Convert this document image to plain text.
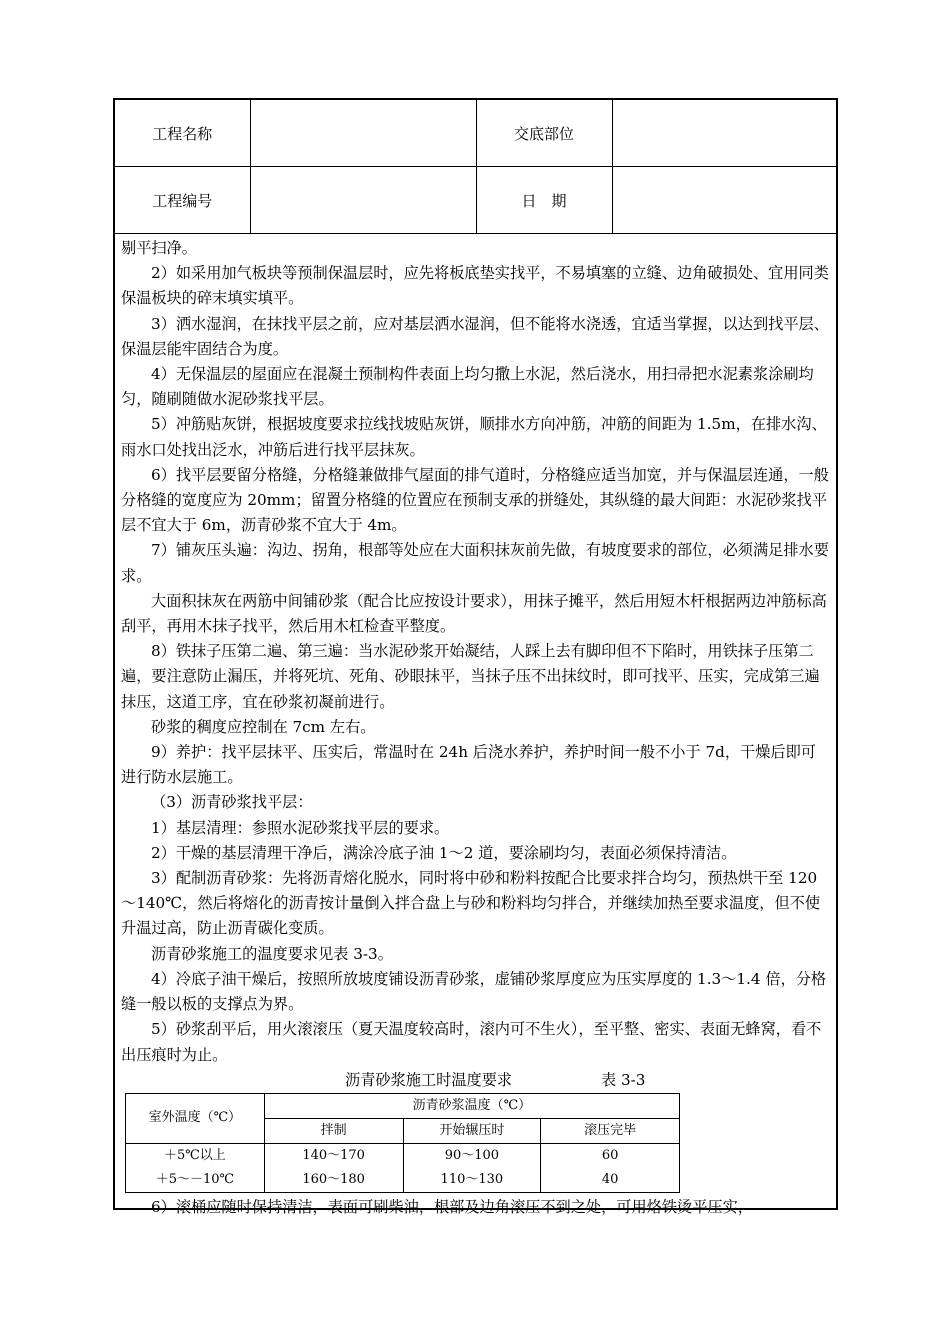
工程名称		交底部位	
工程编号		日　期	

剔平扫净。

2）如采用加气板块等预制保温层时，应先将板底垫实找平，不易填塞的立缝、边角破损处、宜用同类保温板块的碎末填实填平。

3）洒水湿润，在抹找平层之前，应对基层洒水湿润，但不能将水浇透，宜适当掌握，以达到找平层、保温层能牢固结合为度。

4）无保温层的屋面应在混凝土预制构件表面上均匀撒上水泥，然后浇水，用扫帚把水泥素浆涂刷均匀，随刷随做水泥砂浆找平层。

5）冲筋贴灰饼，根据坡度要求拉线找坡贴灰饼，顺排水方向冲筋，冲筋的间距为 1.5m，在排水沟、雨水口处找出泛水，冲筋后进行找平层抹灰。

6）找平层要留分格缝，分格缝兼做排气屋面的排气道时，分格缝应适当加宽，并与保温层连通，一般分格缝的宽度应为 20mm；留置分格缝的位置应在预制支承的拼缝处，其纵缝的最大间距：水泥砂浆找平层不宜大于 6m，沥青砂浆不宜大于 4m。

7）铺灰压头遍：沟边、拐角，根部等处应在大面积抹灰前先做，有坡度要求的部位，必须满足排水要求。

大面积抹灰在两筋中间铺砂浆（配合比应按设计要求），用抹子摊平，然后用短木杆根据两边冲筋标高刮平，再用木抹子找平，然后用木杠检查平整度。

8）铁抹子压第二遍、第三遍：当水泥砂浆开始凝结，人踩上去有脚印但不下陷时，用铁抹子压第二遍，要注意防止漏压，并将死坑、死角、砂眼抹平，当抹子压不出抹纹时，即可找平、压实，完成第三遍抹压，这道工序，宜在砂浆初凝前进行。

砂浆的稠度应控制在 7cm 左右。

9）养护：找平层抹平、压实后，常温时在 24h 后浇水养护，养护时间一般不小于 7d，干燥后即可进行防水层施工。

（3）沥青砂浆找平层：

1）基层清理：参照水泥砂浆找平层的要求。

2）干燥的基层清理干净后，满涂冷底子油 1～2 道，要涂刷均匀，表面必须保持清洁。

3）配制沥青砂浆：先将沥青熔化脱水，同时将中砂和粉料按配合比要求拌合均匀，预热烘干至 120～140℃，然后将熔化的沥青按计量倒入拌合盘上与砂和粉料均匀拌合，并继续加热至要求温度，但不使升温过高，防止沥青碳化变质。

沥青砂浆施工的温度要求见表 3-3。

4）冷底子油干燥后，按照所放坡度铺设沥青砂浆，虚铺砂浆厚度应为压实厚度的 1.3～1.4 倍，分格缝一般以板的支撑点为界。

5）砂浆刮平后，用火滚滚压（夏天温度较高时，滚内可不生火），至平整、密实、表面无蜂窝，看不出压痕时为止。

沥青砂浆施工时温度要求	表 3-3
室外温度（℃）	沥青砂浆温度（℃）		
	拌制	开始辗压时	滚压完毕
＋5℃以上	140～170	90～100	60
＋5～－10℃	160～180	110～130	40

6）滚桶应随时保持清洁，表面可刷柴油，根部及边角滚压不到之处，可用烙铁烫平压实，
